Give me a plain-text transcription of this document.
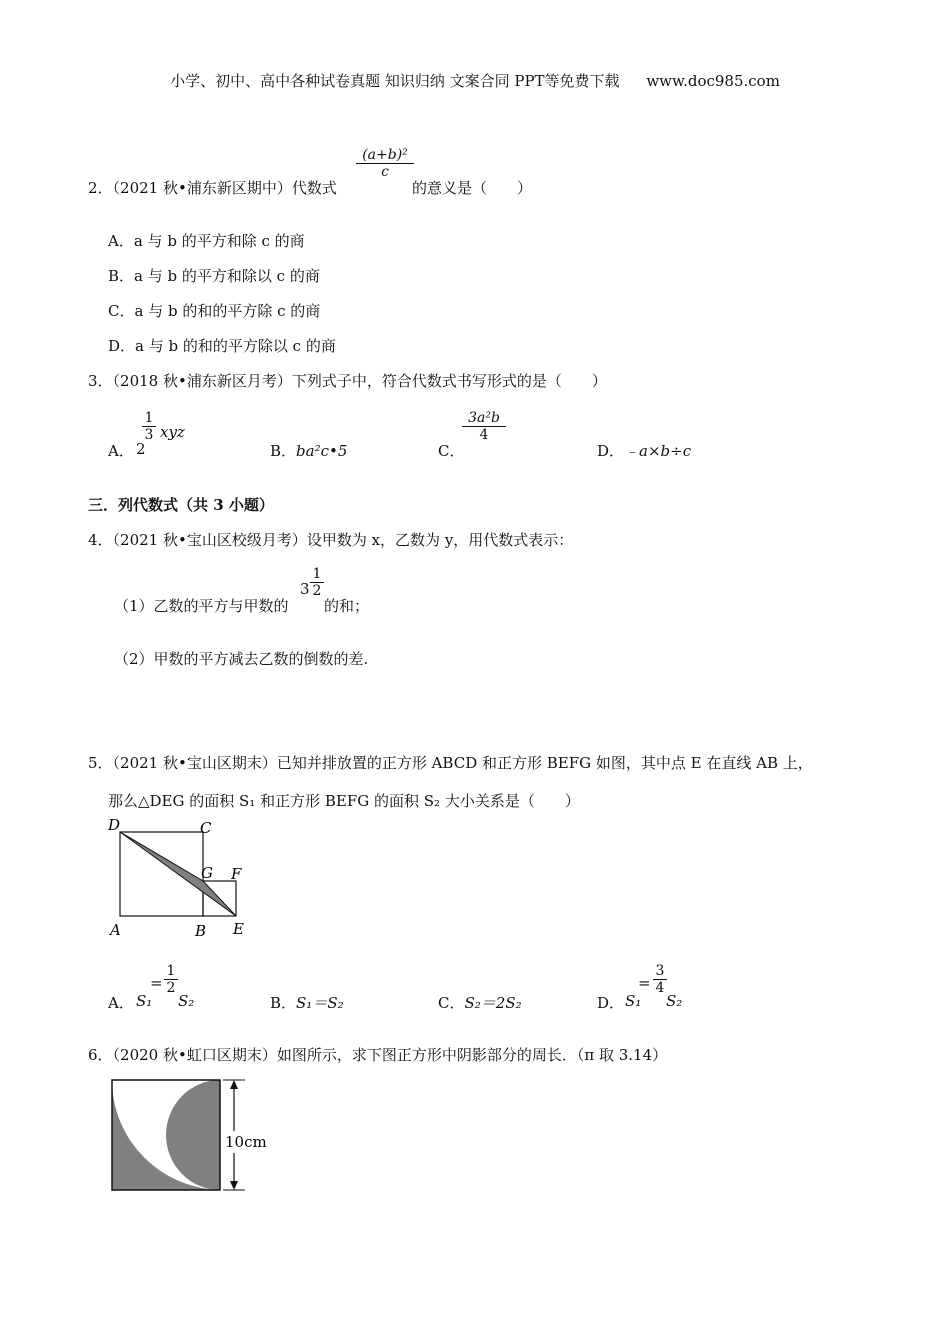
小学、初中、高中各种试卷真题 知识归纳 文案合同 PPT等免费下载 www.doc985.com
2．（2021 秋•浦东新区期中）代数式
(a+b)²
c
的意义是（　　）
A．a 与 b 的平方和除 c 的商
B．a 与 b 的平方和除以 c 的商
C．a 与 b 的和的平方除 c 的商
D．a 与 b 的和的平方除以 c 的商
3．（2018 秋•浦东新区月考）下列式子中，符合代数式书写形式的是（　　）
A． 2
1
3 xyz
B．ba²c•5	C．
3a²b
4
D．﹣a×b÷c
三．列代数式（共 3 小题）
4．（2021 秋•宝山区校级月考）设甲数为 x，乙数为 y，用代数式表示：
（1）乙数的平方与甲数的
3
1
2
的和；
（2）甲数的平方减去乙数的倒数的差.
5．（2021 秋•宝山区期末）已知并排放置的正方形 ABCD 和正方形 BEFG 如图，其中点 E 在直线 AB 上，
那么△DEG 的面积 S₁ 和正方形 BEFG 的面积 S₂ 大小关系是（　　）
D	C
G F
A	B E
A． S₁
=
1
2
S₂	B．S₁＝S₂	C．S₂＝2S₂	D． S₁
=
3
4
S₂
6．（2020 秋•虹口区期末）如图所示，求下图正方形中阴影部分的周长．（π 取 3.14）
10cm
